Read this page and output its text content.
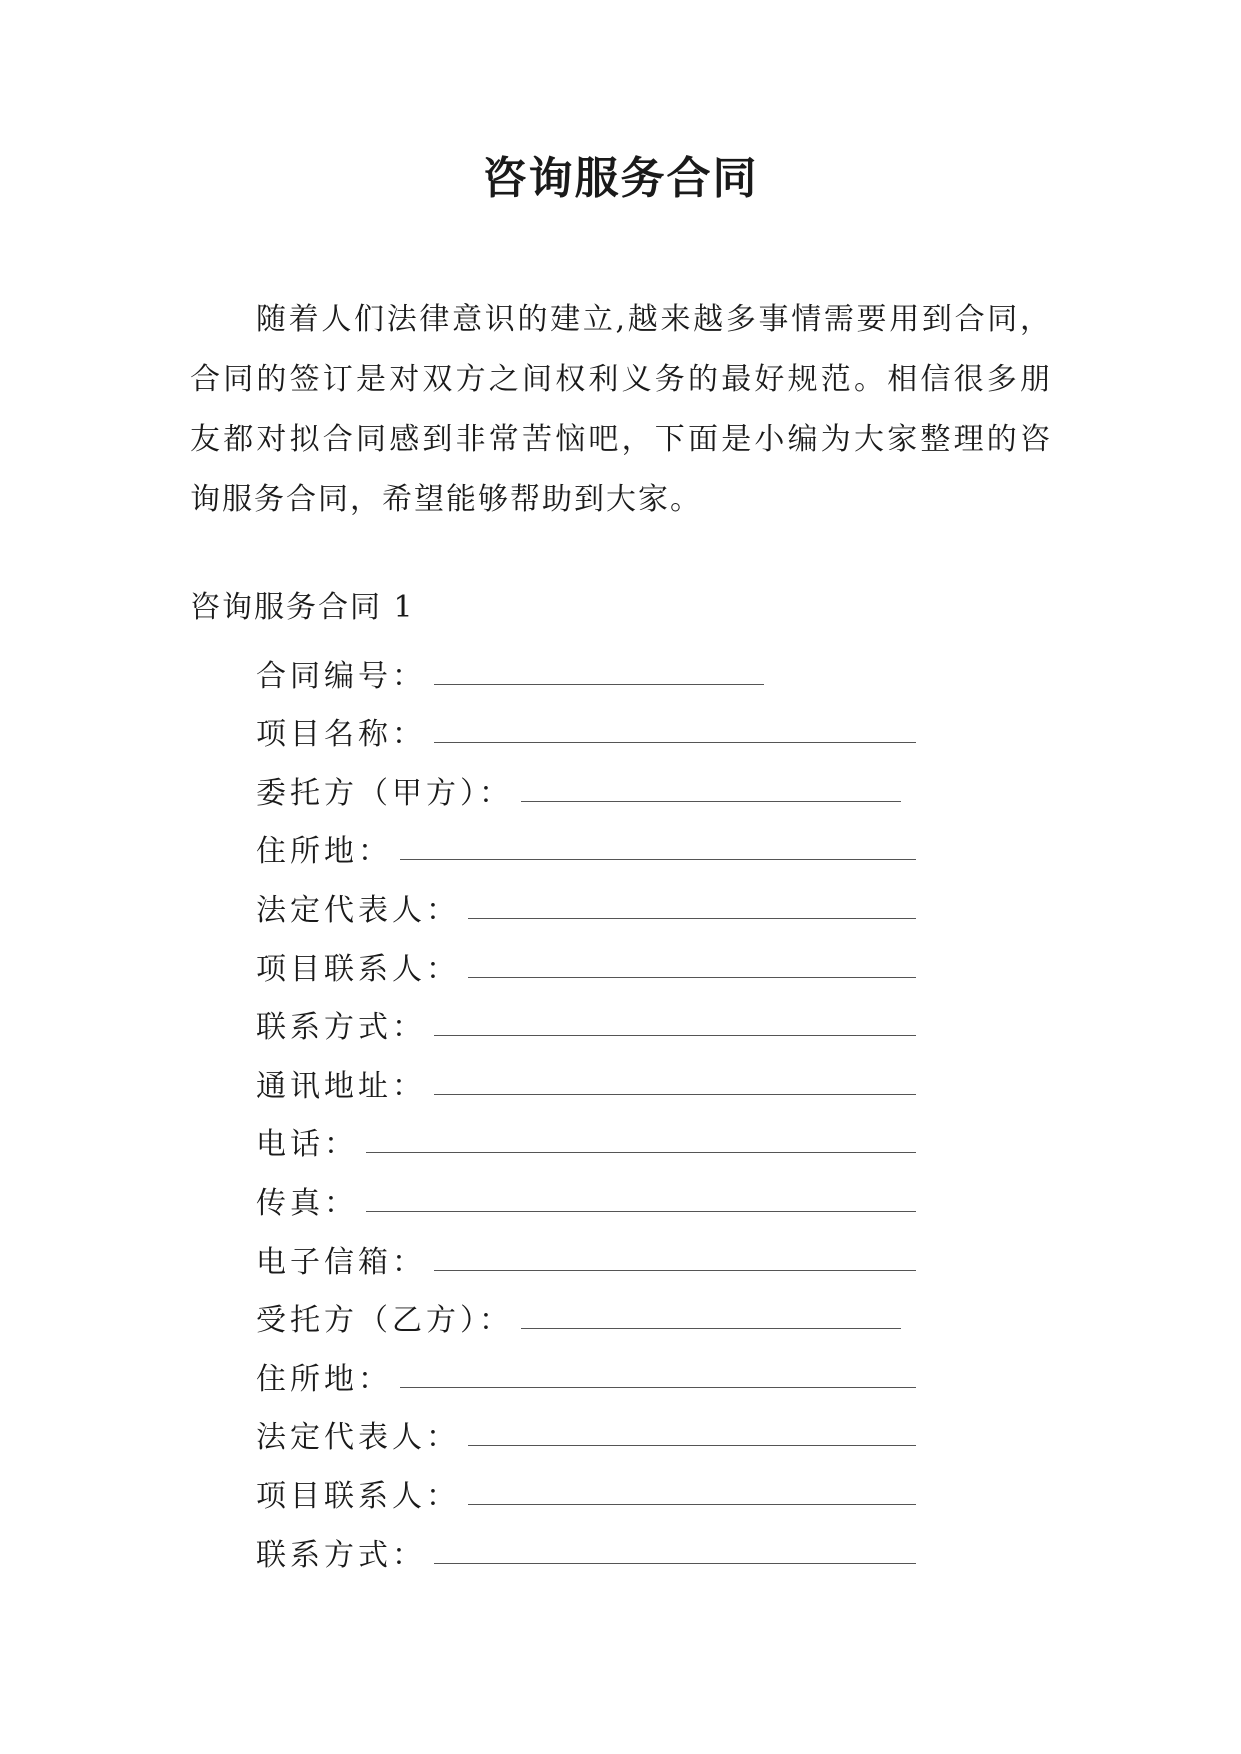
咨询服务合同

随着人们法律意识的建立,越来越多事情需要用到合同，合同的签订是对双方之间权利义务的最好规范。相信很多朋友都对拟合同感到非常苦恼吧，下面是小编为大家整理的咨询服务合同，希望能够帮助到大家。

咨询服务合同 1

合同编号：
项目名称：
委托方（甲方）：
住所地：
法定代表人：
项目联系人：
联系方式：
通讯地址：
电话：
传真：
电子信箱：
受托方（乙方）：
住所地：
法定代表人：
项目联系人：
联系方式：
